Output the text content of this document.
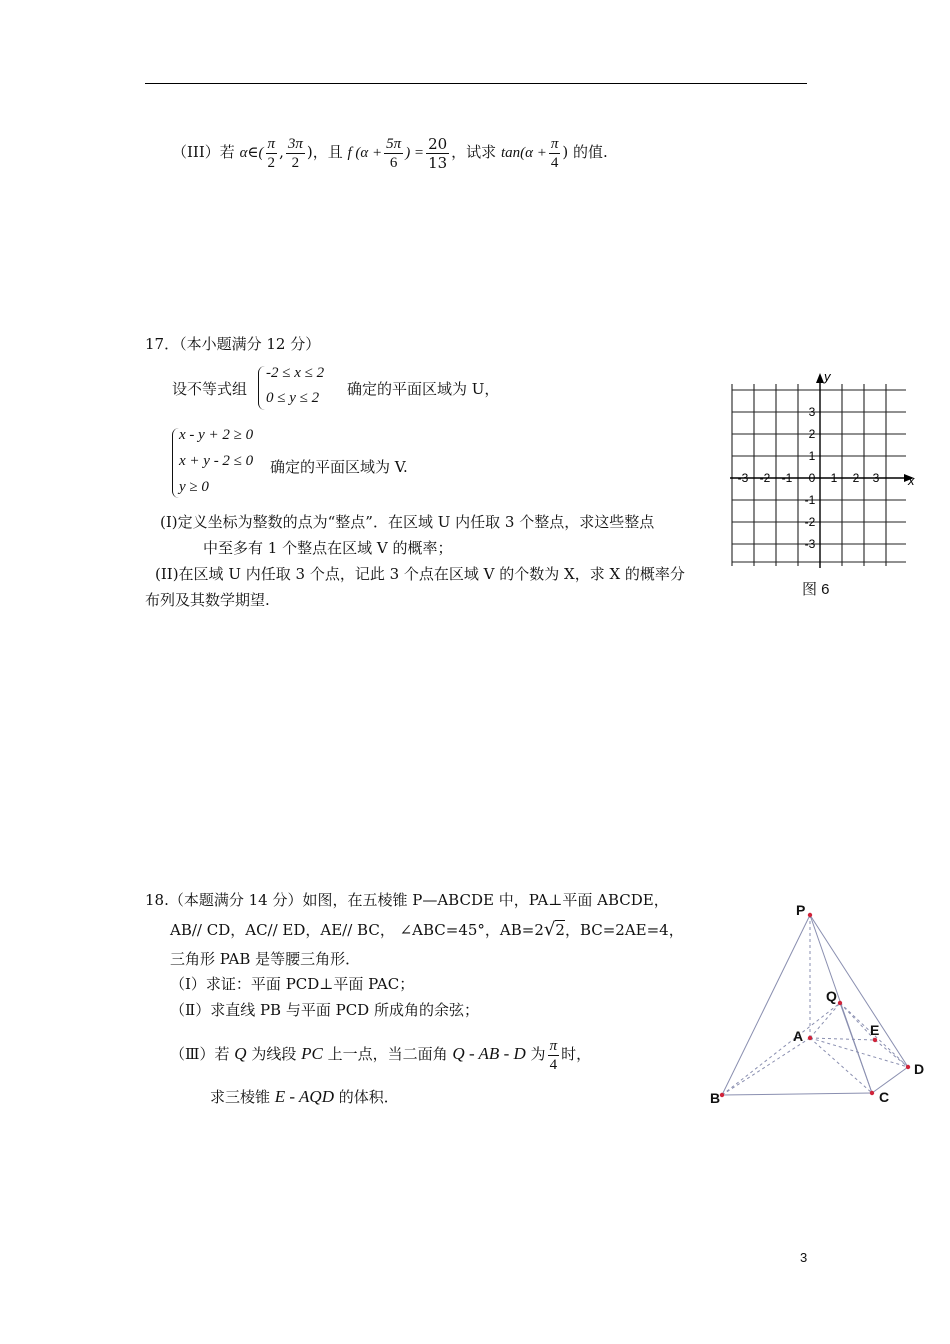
（III）若 α∈( $\frac{\pi}{2}$ , $\frac{3\pi}{2}$ )，且 f ($\alpha + \frac{5\pi}{6}$ ) = $\frac{20}{13}$ ，试求 $\tan(\alpha + \frac{\pi}{4}$ ) 的值.
17．（本小题满分 12 分）
设不等式组
-2 ≤ x ≤ 2
0 ≤ y ≤ 2 确定的平面区域为 U，
x - y + 2 ≥ 0
x + y - 2 ≤ 0
y ≥ 0
确定的平面区域为 V.
(I)定义坐标为整数的点为“整点”．在区域 U 内任取 3 个整点，求这些整点
中至多有 1 个整点在区域 V 的概率；
(II)在区域 U 内任取 3 个点，记此 3 个点在区域 V 的个数为 X，求 X 的概率分
布列及其数学期望.
x
y
-3 -2 -1 0 1 2 3
3
2
1
-1
-2
-3
图 6
18.（本题满分 14 分）如图，在五棱锥 P—ABCDE 中，PA⊥平面 ABCDE，
AB// CD，AC// ED，AE// BC， ∠ABC=45°，AB=2√2，BC=2AE=4，
三角形 PAB 是等腰三角形．
（Ⅰ）求证：平面 PCD⊥平面 PAC；
（Ⅱ）求直线 PB 与平面 PCD 所成角的余弦；
（Ⅲ）若 Q 为线段 PC 上一点，当二面角 Q - AB - D 为 $\frac{\pi}{4}$ 时，
求三棱锥 E - AQD 的体积．
P
Q
E
A
D
B	C
3
